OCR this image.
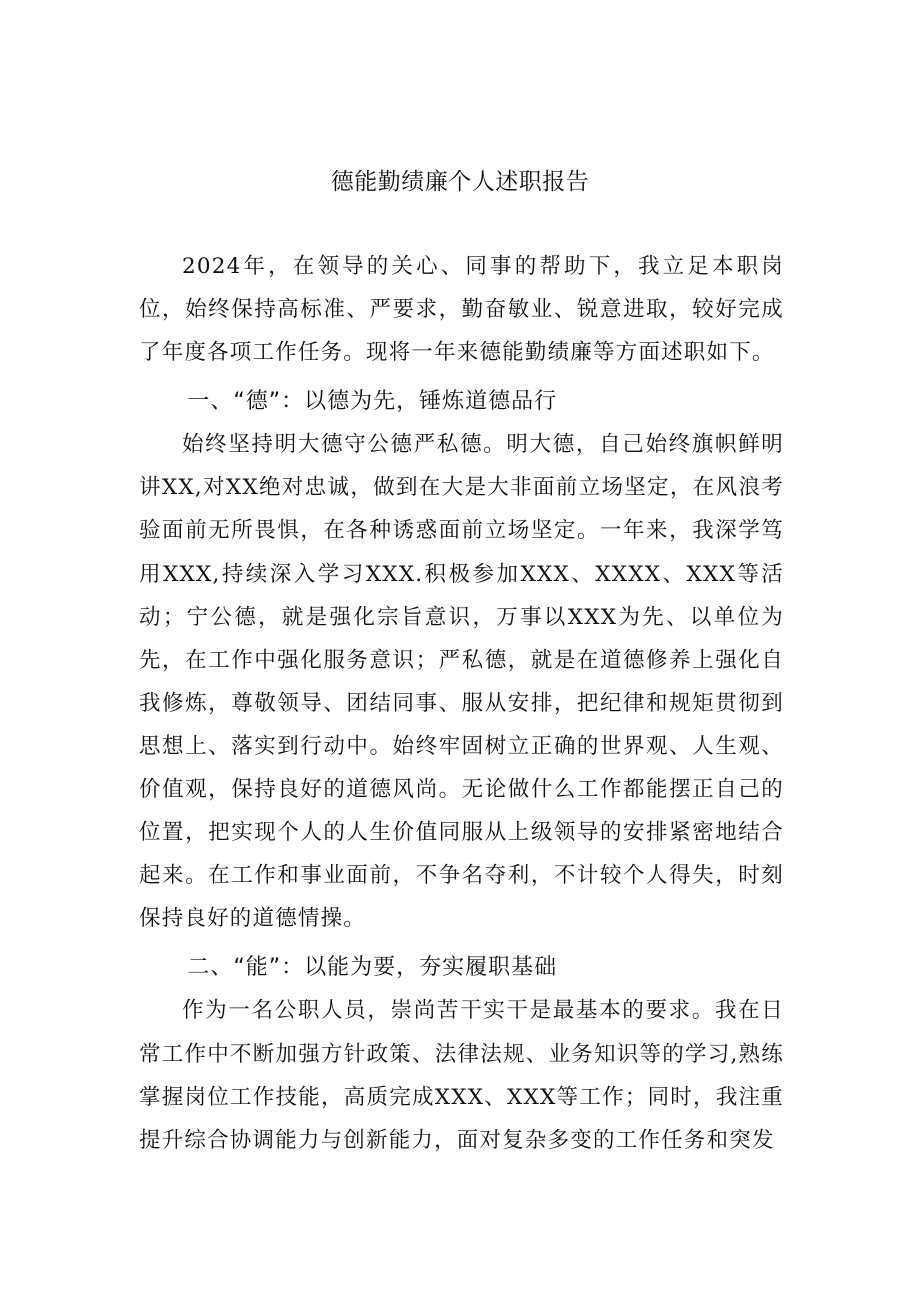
德能勤绩廉个人述职报告

2024年，在领导的关心、同事的帮助下，我立足本职岗位，始终保持高标准、严要求，勤奋敏业、锐意进取，较好完成了年度各项工作任务。现将一年来德能勤绩廉等方面述职如下。

一、“德”：以德为先，锤炼道德品行

始终坚持明大德守公德严私德。明大德，自己始终旗帜鲜明讲XX,对XX绝对忠诚，做到在大是大非面前立场坚定，在风浪考验面前无所畏惧，在各种诱惑面前立场坚定。一年来，我深学笃用XXX,持续深入学习XXX.积极参加XXX、XXXX、XXX等活动；宁公德，就是强化宗旨意识，万事以XXX为先、以单位为先，在工作中强化服务意识；严私德，就是在道德修养上强化自我修炼，尊敬领导、团结同事、服从安排，把纪律和规矩贯彻到思想上、落实到行动中。始终牢固树立正确的世界观、人生观、价值观，保持良好的道德风尚。无论做什么工作都能摆正自己的位置，把实现个人的人生价值同服从上级领导的安排紧密地结合起来。在工作和事业面前，不争名夺利，不计较个人得失，时刻保持良好的道德情操。

二、“能”：以能为要，夯实履职基础

作为一名公职人员，崇尚苦干实干是最基本的要求。我在日常工作中不断加强方针政策、法律法规、业务知识等的学习,熟练掌握岗位工作技能，高质完成XXX、XXX等工作；同时，我注重提升综合协调能力与创新能力，面对复杂多变的工作任务和突发
